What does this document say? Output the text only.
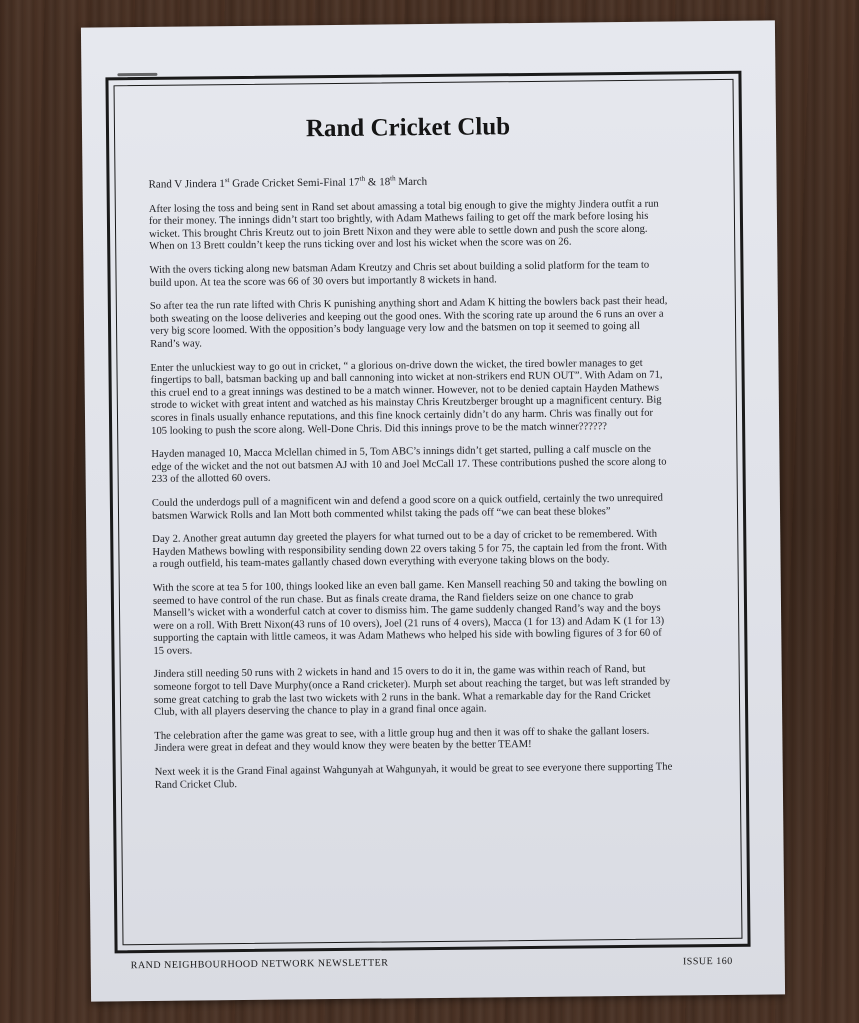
Rand Cricket Club
Rand V Jindera 1st Grade Cricket Semi-Final 17th & 18th March

After losing the toss and being sent in Rand set about amassing a total big enough to give the mighty Jindera outfit a run for their money. The innings didn’t start too brightly, with Adam Mathews failing to get off the mark before losing his wicket. This brought Chris Kreutz out to join Brett Nixon and they were able to settle down and push the score along. When on 13 Brett couldn’t keep the runs ticking over and lost his wicket when the score was on 26.

With the overs ticking along new batsman Adam Kreutzy and Chris set about building a solid platform for the team to build upon. At tea the score was 66 of 30 overs but importantly 8 wickets in hand.

So after tea the run rate lifted with Chris K punishing anything short and Adam K hitting the bowlers back past their head, both sweating on the loose deliveries and keeping out the good ones. With the scoring rate up around the 6 runs an over a very big score loomed. With the opposition’s body language very low and the batsmen on top it seemed to going all Rand’s way.

Enter the unluckiest way to go out in cricket, “ a glorious on-drive down the wicket, the tired bowler manages to get fingertips to ball, batsman backing up and ball cannoning into wicket at non-strikers end RUN OUT”. With Adam on 71, this cruel end to a great innings was destined to be a match winner. However, not to be denied captain Hayden Mathews strode to wicket with great intent and watched as his mainstay Chris Kreutzberger brought up a magnificent century. Big scores in finals usually enhance reputations, and this fine knock certainly didn’t do any harm. Chris was finally out for 105 looking to push the score along. Well-Done Chris. Did this innings prove to be the match winner??????

Hayden managed 10, Macca Mclellan chimed in 5, Tom ABC’s innings didn’t get started, pulling a calf muscle on the edge of the wicket and the not out batsmen AJ with 10 and Joel McCall 17. These contributions pushed the score along to 233 of the allotted 60 overs.

Could the underdogs pull of a magnificent win and defend a good score on a quick outfield, certainly the two unrequired batsmen Warwick Rolls and Ian Mott both commented whilst taking the pads off “we can beat these blokes”

Day 2. Another great autumn day greeted the players for what turned out to be a day of cricket to be remembered. With Hayden Mathews bowling with responsibility sending down 22 overs taking 5 for 75, the captain led from the front. With a rough outfield, his team-mates gallantly chased down everything with everyone taking blows on the body.

With the score at tea 5 for 100, things looked like an even ball game. Ken Mansell reaching 50 and taking the bowling on seemed to have control of the run chase. But as finals create drama, the Rand fielders seize on one chance to grab Mansell’s wicket with a wonderful catch at cover to dismiss him. The game suddenly changed Rand’s way and the boys were on a roll. With Brett Nixon(43 runs of 10 overs), Joel (21 runs of 4 overs), Macca (1 for 13) and Adam K (1 for 13) supporting the captain with little cameos, it was Adam Mathews who helped his side with bowling figures of 3 for 60 of 15 overs.

Jindera still needing 50 runs with 2 wickets in hand and 15 overs to do it in, the game was within reach of Rand, but someone forgot to tell Dave Murphy(once a Rand cricketer). Murph set about reaching the target, but was left stranded by some great catching to grab the last two wickets with 2 runs in the bank. What a remarkable day for the Rand Cricket Club, with all players deserving the chance to play in a grand final once again.

The celebration after the game was great to see, with a little group hug and then it was off to shake the gallant losers. Jindera were great in defeat and they would know they were beaten by the better TEAM!

Next week it is the Grand Final against Wahgunyah at Wahgunyah, it would be great to see everyone there supporting The Rand Cricket Club.

RAND NEIGHBOURHOOD NETWORK NEWSLETTER	ISSUE 160
